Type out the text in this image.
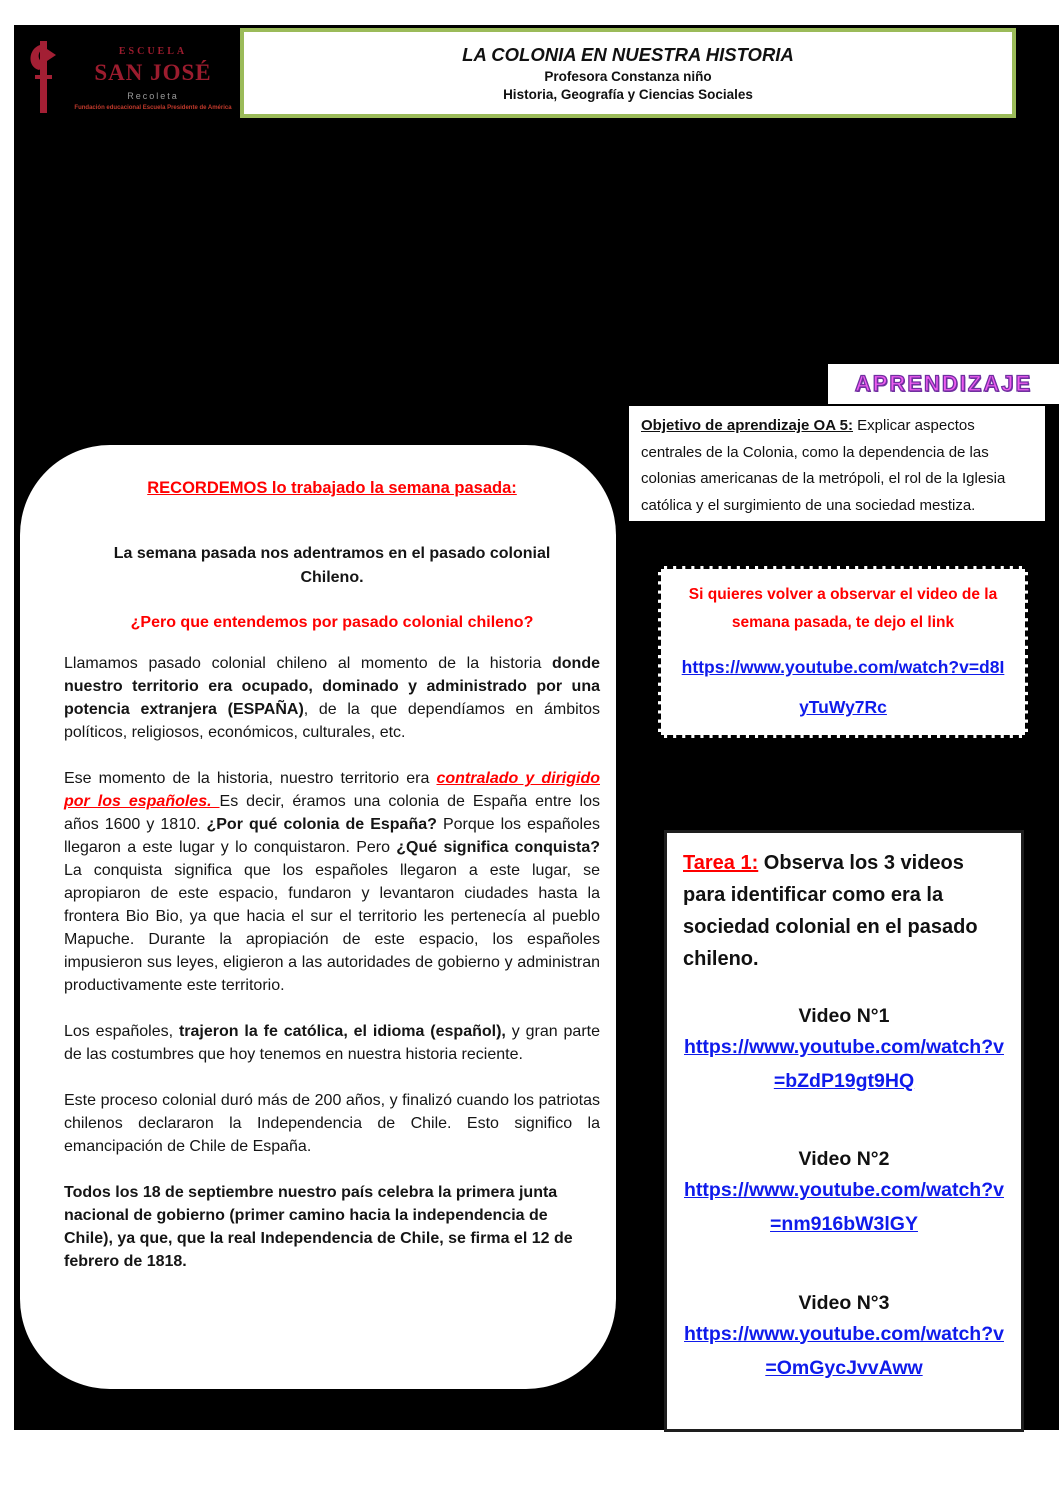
ESCUELA
SAN JOSÉ
Recoleta
Fundación educacional Escuela Presidente de América
LA COLONIA EN NUESTRA HISTORIA
Profesora Constanza niño
Historia, Geografía y Ciencias Sociales
APRENDIZAJE
Objetivo de aprendizaje OA 5: Explicar aspectos centrales de la Colonia, como la dependencia de las colonias americanas de la metrópoli, el rol de la Iglesia católica y el surgimiento de una sociedad mestiza.

Si quieres volver a observar el video de la semana pasada, te dejo el link

https://www.youtube.com/watch?v=d8IyTuWy7Rc
RECORDEMOS lo trabajado la semana pasada:

La semana pasada nos adentramos en el pasado colonial Chileno.

¿Pero que entendemos por pasado colonial chileno?

Llamamos pasado colonial chileno al momento de la historia donde nuestro territorio era ocupado, dominado y administrado por una potencia extranjera (ESPAÑA), de la que dependíamos en ámbitos políticos, religiosos, económicos, culturales, etc.

Ese momento de la historia, nuestro territorio era contralado y dirigido por los españoles. Es decir, éramos una colonia de España entre los años 1600 y 1810. ¿Por qué colonia de España? Porque los españoles llegaron a este lugar y lo conquistaron. Pero ¿Qué significa conquista? La conquista significa que los españoles llegaron a este lugar, se apropiaron de este espacio, fundaron y levantaron ciudades hasta la frontera Bio Bio, ya que hacia el sur el territorio les pertenecía al pueblo Mapuche. Durante la apropiación de este espacio, los españoles impusieron sus leyes, eligieron a las autoridades de gobierno y administran productivamente este territorio.

Los españoles, trajeron la fe católica, el idioma (español), y gran parte de las costumbres que hoy tenemos en nuestra historia reciente.

Este proceso colonial duró más de 200 años, y finalizó cuando los patriotas chilenos declararon la Independencia de Chile. Esto significo la emancipación de Chile de España.

Todos los 18 de septiembre nuestro país celebra la primera junta nacional de gobierno (primer camino hacia la independencia de Chile), ya que, que la real Independencia de Chile, se firma el 12 de febrero de 1818.

Tarea 1: Observa los 3 videos para identificar como era la sociedad colonial en el pasado chileno.

Video N°1
https://www.youtube.com/watch?v=bZdP19gt9HQ
Video N°2
https://www.youtube.com/watch?v=nm916bW3lGY
Video N°3
https://www.youtube.com/watch?v=OmGycJvvAww
